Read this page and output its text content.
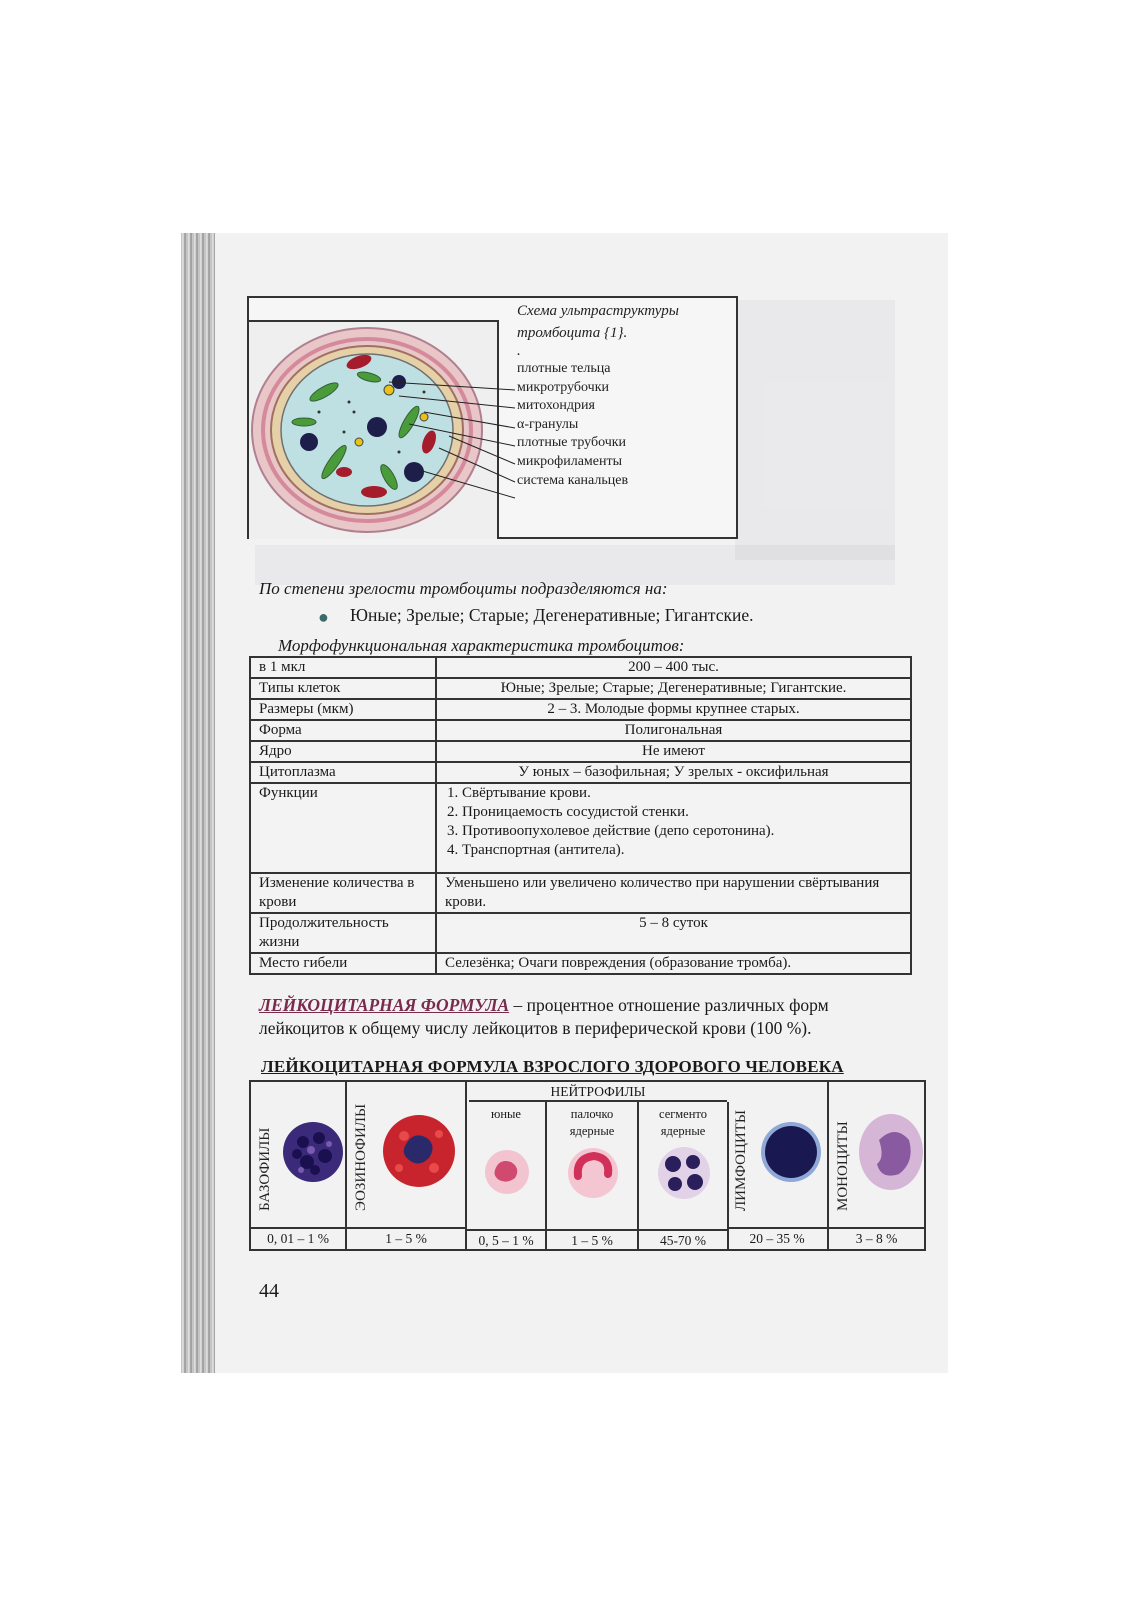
Схема ультраструктуры
тромбоцита {1}.
.
плотные тельца
микротрубочки
митохондрия
α-гранулы
плотные трубочки
микрофиламенты
система канальцев
По степени зрелости тромбоциты подразделяются на:
● Юные; Зрелые; Старые; Дегенеративные; Гигантские.
Морфофункциональная характеристика тромбоцитов:
в 1 мкл	200 – 400 тыс.
Типы клеток	Юные; Зрелые; Старые; Дегенеративные; Гигантские.
Размеры (мкм)	2 – 3. Молодые формы крупнее старых.
Форма	Полигональная
Ядро	Не имеют
Цитоплазма	У юных – базофильная; У зрелых - оксифильная
Функции	1. Свёртывание крови.
2. Проницаемость сосудистой стенки.
3. Противоопухолевое действие (депо серотонина).
4. Транспортная (антитела).

Изменение количества в крови	Уменьшено или увеличено количество при нарушении свёртывания крови.
Продолжительность жизни	5 – 8 суток
Место гибели	Селезёнка; Очаги повреждения (образование тромба).
ЛЕЙКОЦИТАРНАЯ ФОРМУЛА – процентное отношение различных форм лейкоцитов к общему числу лейкоцитов в периферической крови (100 %).
ЛЕЙКОЦИТАРНАЯ ФОРМУЛА ВЗРОСЛОГО ЗДОРОВОГО ЧЕЛОВЕКА
БАЗОФИЛЫ
0, 01 – 1 %
ЭОЗИНОФИЛЫ
1 – 5 %
НЕЙТРОФИЛЫ
юные
0, 5 – 1 %
палочко ядерные
1 – 5 %
сегменто ядерные
45-70 %
ЛИМФОЦИТЫ
20 – 35 %
МОНОЦИТЫ
3 – 8 %
44
